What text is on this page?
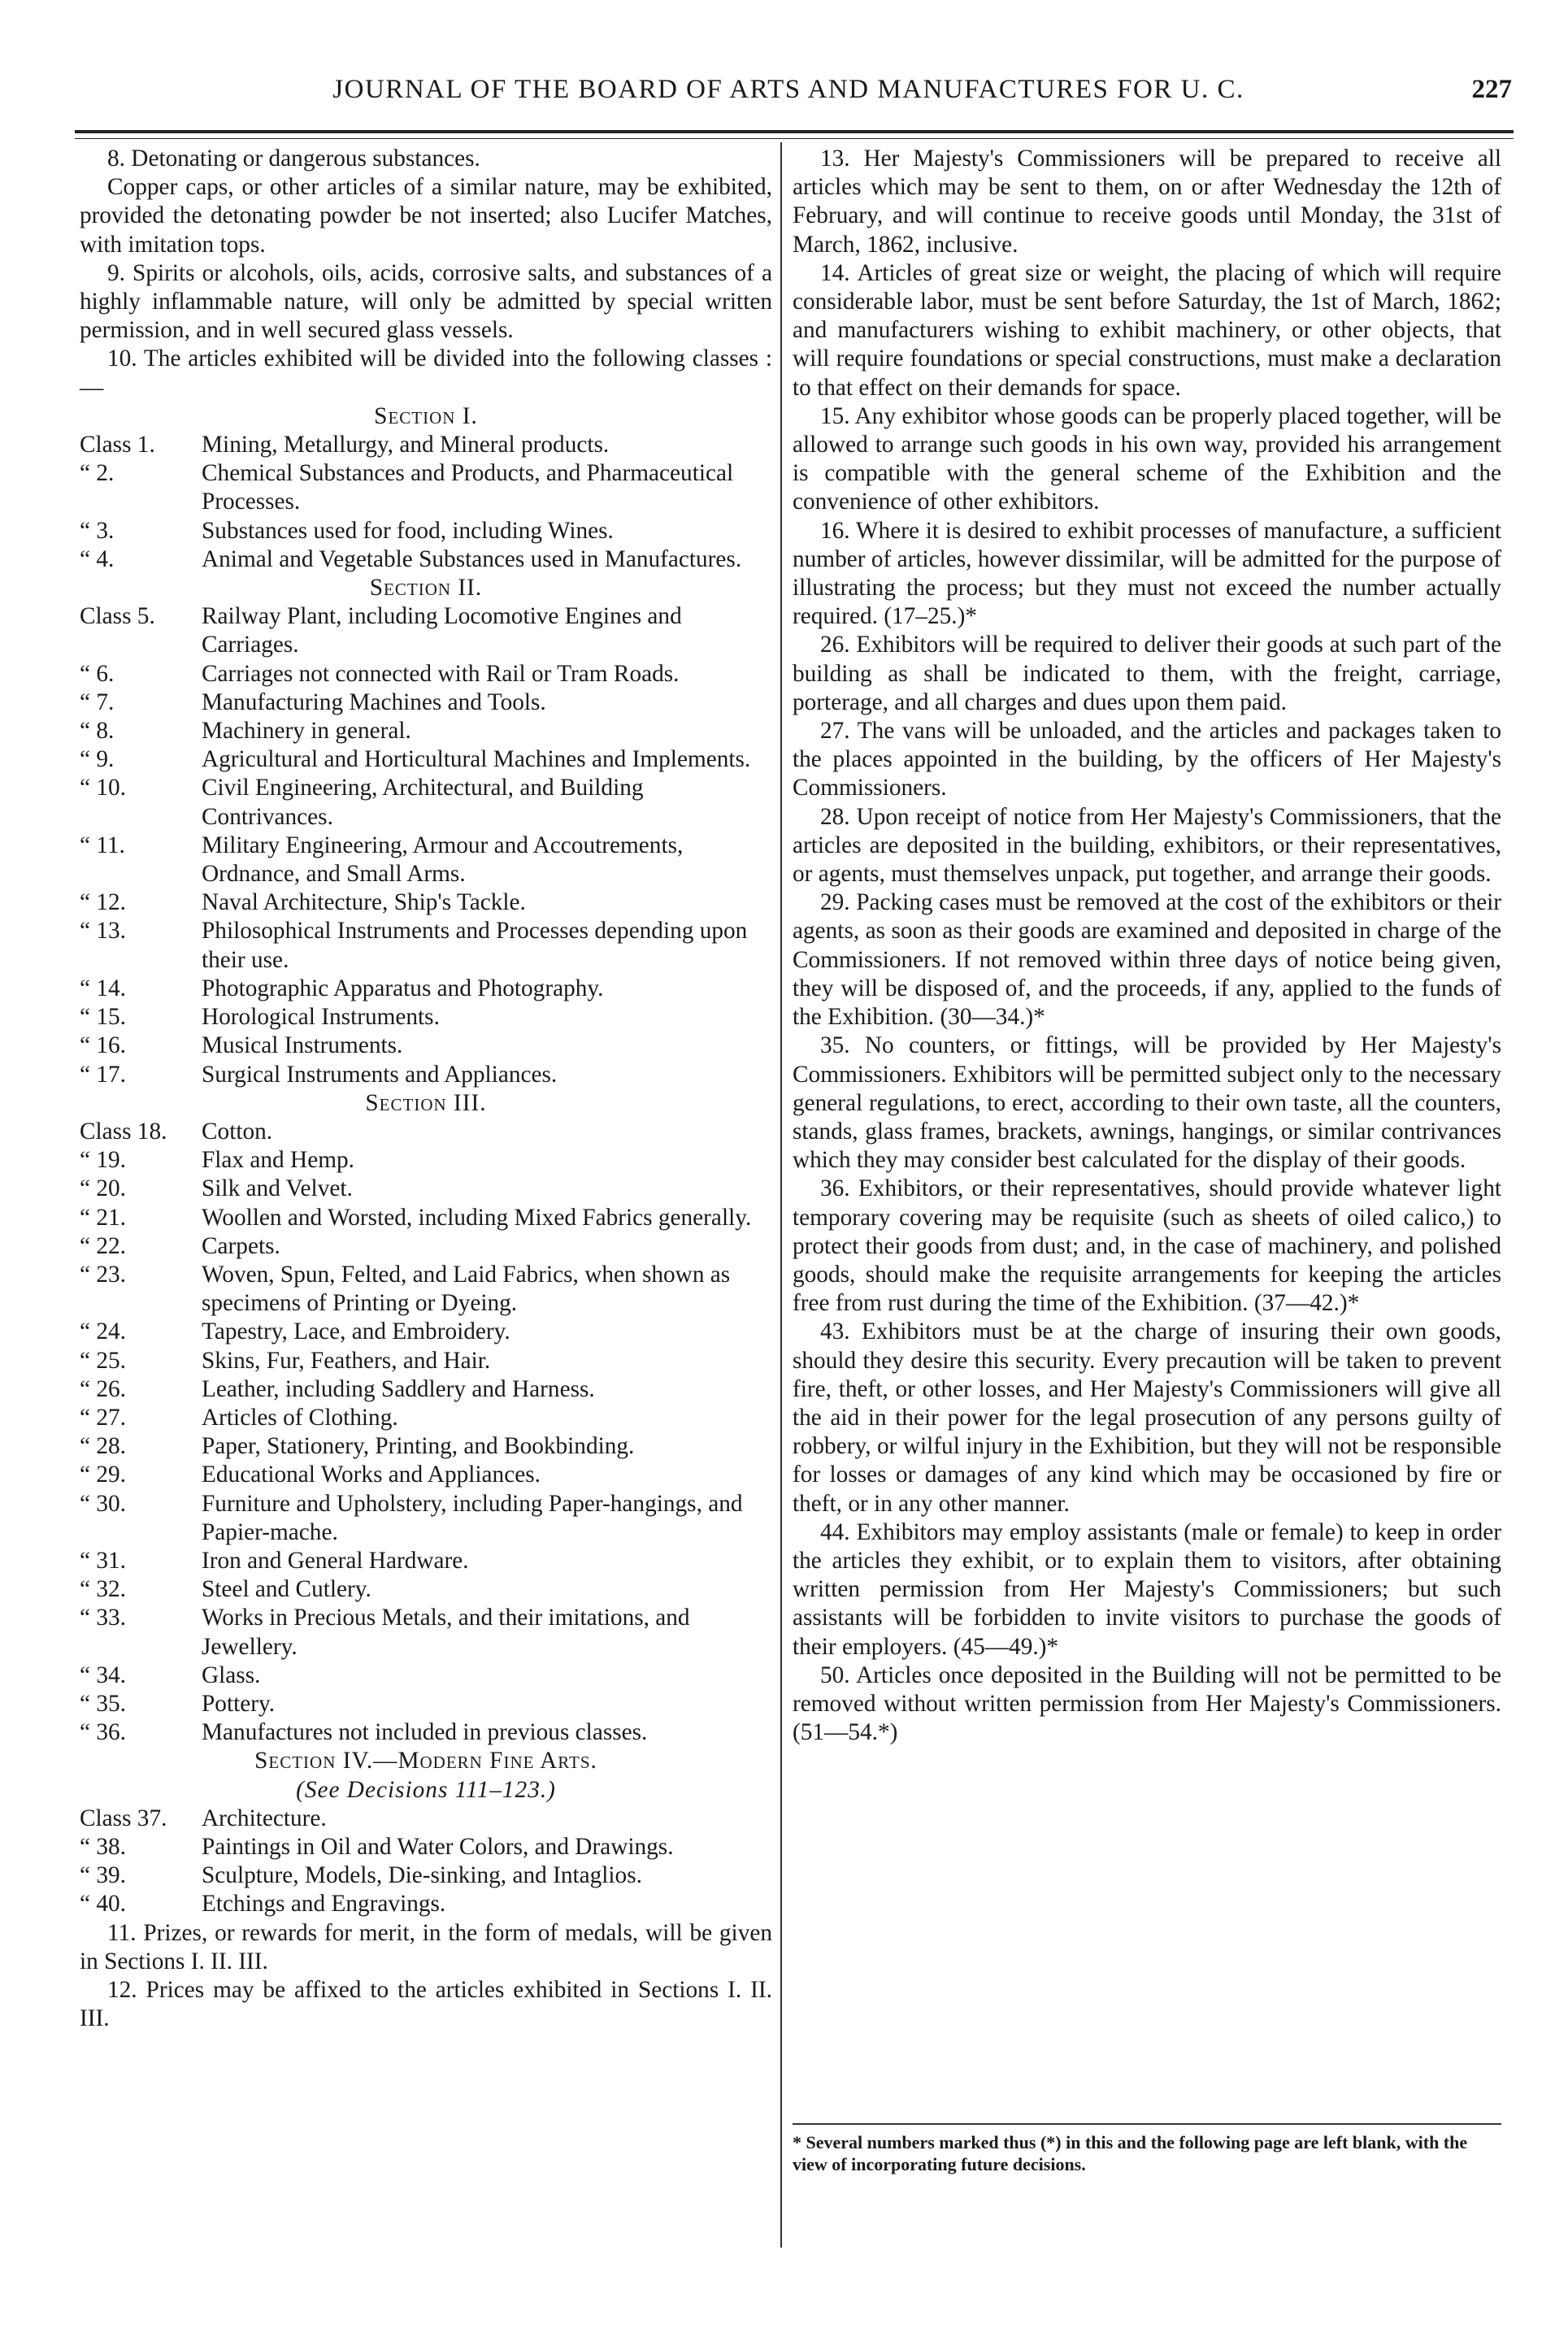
JOURNAL OF THE BOARD OF ARTS AND MANUFACTURES FOR U. C.	227

8. Detonating or dangerous substances.

Copper caps, or other articles of a similar nature, may be exhibited, provided the detonating powder be not inserted; also Lucifer Matches, with imitation tops.

9. Spirits or alcohols, oils, acids, corrosive salts, and substances of a highly inflammable nature, will only be admitted by special written permission, and in well secured glass vessels.

10. The articles exhibited will be divided into the following classes :—

Section I.

Class 1. Mining, Metallurgy, and Mineral products.

“ 2.	Chemical Substances and Products, and Pharmaceutical Processes.

“ 3.	Substances used for food, including Wines.

“ 4.	Animal and Vegetable Substances used in Manufactures.

Section II.

Class 5. Railway Plant, including Locomotive Engines and Carriages.

“ 6.	Carriages not connected with Rail or Tram Roads.

“ 7.	Manufacturing Machines and Tools.

“ 8.	Machinery in general.

“ 9.	Agricultural and Horticultural Machines and Implements.

“ 10.	Civil Engineering, Architectural, and Building Contrivances.

“ 11.	Military Engineering, Armour and Accoutrements, Ordnance, and Small Arms.

“ 12.	Naval Architecture, Ship's Tackle.

“ 13.	Philosophical Instruments and Processes depending upon their use.

“ 14.	Photographic Apparatus and Photography.

“ 15.	Horological Instruments.

“ 16.	Musical Instruments.

“ 17.	Surgical Instruments and Appliances.

Section III.

Class 18. Cotton.

“ 19.	Flax and Hemp.

“ 20.	Silk and Velvet.

“ 21.	Woollen and Worsted, including Mixed Fabrics generally.

“ 22.	Carpets.

“ 23.	Woven, Spun, Felted, and Laid Fabrics, when shown as specimens of Printing or Dyeing.

“ 24.	Tapestry, Lace, and Embroidery.

“ 25.	Skins, Fur, Feathers, and Hair.

“ 26.	Leather, including Saddlery and Harness.

“ 27.	Articles of Clothing.

“ 28.	Paper, Stationery, Printing, and Bookbinding.

“ 29.	Educational Works and Appliances.

“ 30.	Furniture and Upholstery, including Paper-hangings, and Papier-mache.

“ 31.	Iron and General Hardware.

“ 32.	Steel and Cutlery.

“ 33.	Works in Precious Metals, and their imitations, and Jewellery.

“ 34.	Glass.

“ 35.	Pottery.

“ 36.	Manufactures not included in previous classes.

Section IV.—Modern Fine Arts.

(See Decisions 111–123.)

Class 37. Architecture.

“ 38.	Paintings in Oil and Water Colors, and Drawings.

“ 39.	Sculpture, Models, Die-sinking, and Intaglios.

“ 40.	Etchings and Engravings.

11. Prizes, or rewards for merit, in the form of medals, will be given in Sections I. II. III.

12. Prices may be affixed to the articles exhibited in Sections I. II. III.

13. Her Majesty's Commissioners will be prepared to receive all articles which may be sent to them, on or after Wednesday the 12th of February, and will continue to receive goods until Monday, the 31st of March, 1862, inclusive.

14. Articles of great size or weight, the placing of which will require considerable labor, must be sent before Saturday, the 1st of March, 1862; and manufacturers wishing to exhibit machinery, or other objects, that will require foundations or special constructions, must make a declaration to that effect on their demands for space.

15. Any exhibitor whose goods can be properly placed together, will be allowed to arrange such goods in his own way, provided his arrangement is compatible with the general scheme of the Exhibition and the convenience of other exhibitors.

16. Where it is desired to exhibit processes of manufacture, a sufficient number of articles, however dissimilar, will be admitted for the purpose of illustrating the process; but they must not exceed the number actually required. (17–25.)*

26. Exhibitors will be required to deliver their goods at such part of the building as shall be indicated to them, with the freight, carriage, porterage, and all charges and dues upon them paid.

27. The vans will be unloaded, and the articles and packages taken to the places appointed in the building, by the officers of Her Majesty's Commissioners.

28. Upon receipt of notice from Her Majesty's Commissioners, that the articles are deposited in the building, exhibitors, or their representatives, or agents, must themselves unpack, put together, and arrange their goods.

29. Packing cases must be removed at the cost of the exhibitors or their agents, as soon as their goods are examined and deposited in charge of the Commissioners. If not removed within three days of notice being given, they will be disposed of, and the proceeds, if any, applied to the funds of the Exhibition. (30—34.)*

35. No counters, or fittings, will be provided by Her Majesty's Commissioners. Exhibitors will be permitted subject only to the necessary general regulations, to erect, according to their own taste, all the counters, stands, glass frames, brackets, awnings, hangings, or similar contrivances which they may consider best calculated for the display of their goods.

36. Exhibitors, or their representatives, should provide whatever light temporary covering may be requisite (such as sheets of oiled calico,) to protect their goods from dust; and, in the case of machinery, and polished goods, should make the requisite arrangements for keeping the articles free from rust during the time of the Exhibition. (37—42.)*

43. Exhibitors must be at the charge of insuring their own goods, should they desire this security. Every precaution will be taken to prevent fire, theft, or other losses, and Her Majesty's Commissioners will give all the aid in their power for the legal prosecution of any persons guilty of robbery, or wilful injury in the Exhibition, but they will not be responsible for losses or damages of any kind which may be occasioned by fire or theft, or in any other manner.

44. Exhibitors may employ assistants (male or female) to keep in order the articles they exhibit, or to explain them to visitors, after obtaining written permission from Her Majesty's Commissioners; but such assistants will be forbidden to invite visitors to purchase the goods of their employers. (45—49.)*

50. Articles once deposited in the Building will not be permitted to be removed without written permission from Her Majesty's Commissioners. (51—54.*)

* Several numbers marked thus (*) in this and the following page are left blank, with the view of incorporating future decisions.
